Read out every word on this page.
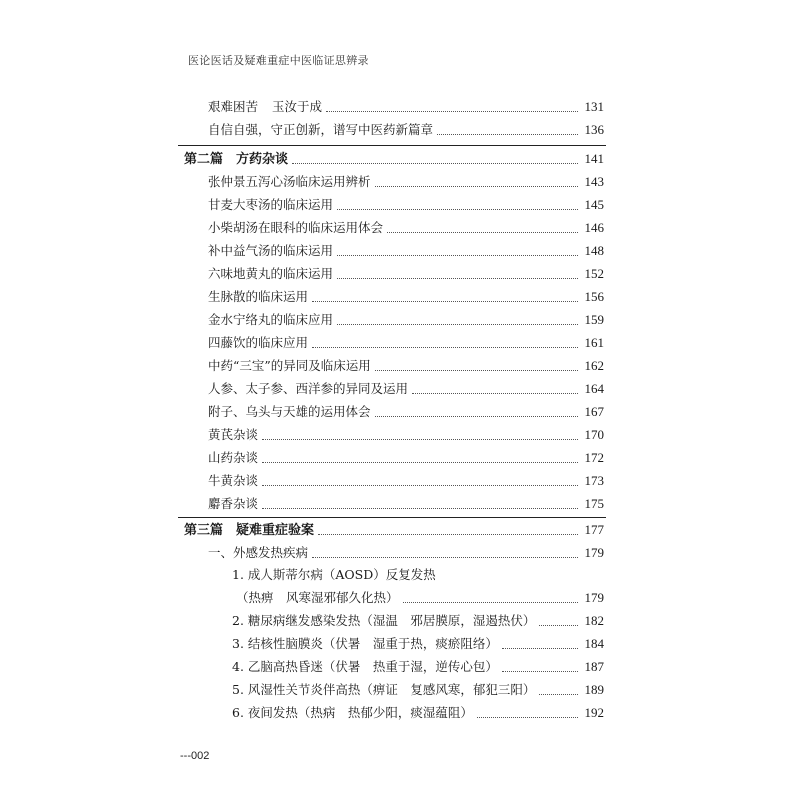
医论医话及疑难重症中医临证思辨录
艰难困苦 玉汝于成	131
自信自强，守正创新，谱写中医药新篇章	136
第二篇　方药杂谈	141
张仲景五泻心汤临床运用辨析	143
甘麦大枣汤的临床运用	145
小柴胡汤在眼科的临床运用体会	146
补中益气汤的临床运用	148
六味地黄丸的临床运用	152
生脉散的临床运用	156
金水宁络丸的临床应用	159
四藤饮的临床应用	161
中药“三宝”的异同及临床运用	162
人参、太子参、西洋参的异同及运用	164
附子、乌头与天雄的运用体会	167
黄芪杂谈	170
山药杂谈	172
牛黄杂谈	173
麝香杂谈	175
第三篇　疑难重症验案	177
一、外感发热疾病	179
1. 成人斯蒂尔病（AOSD）反复发热
（热痹　风寒湿邪郁久化热）	179
2. 糖尿病继发感染发热（湿温　邪居膜原，湿遏热伏）	182
3. 结核性脑膜炎（伏暑　湿重于热，痰瘀阻络）	184
4. 乙脑高热昏迷（伏暑　热重于湿，逆传心包）	187
5. 风湿性关节炎伴高热（痹证　复感风寒，郁犯三阳）	189
6. 夜间发热（热病　热郁少阳，痰湿蕴阻）	192
---002
